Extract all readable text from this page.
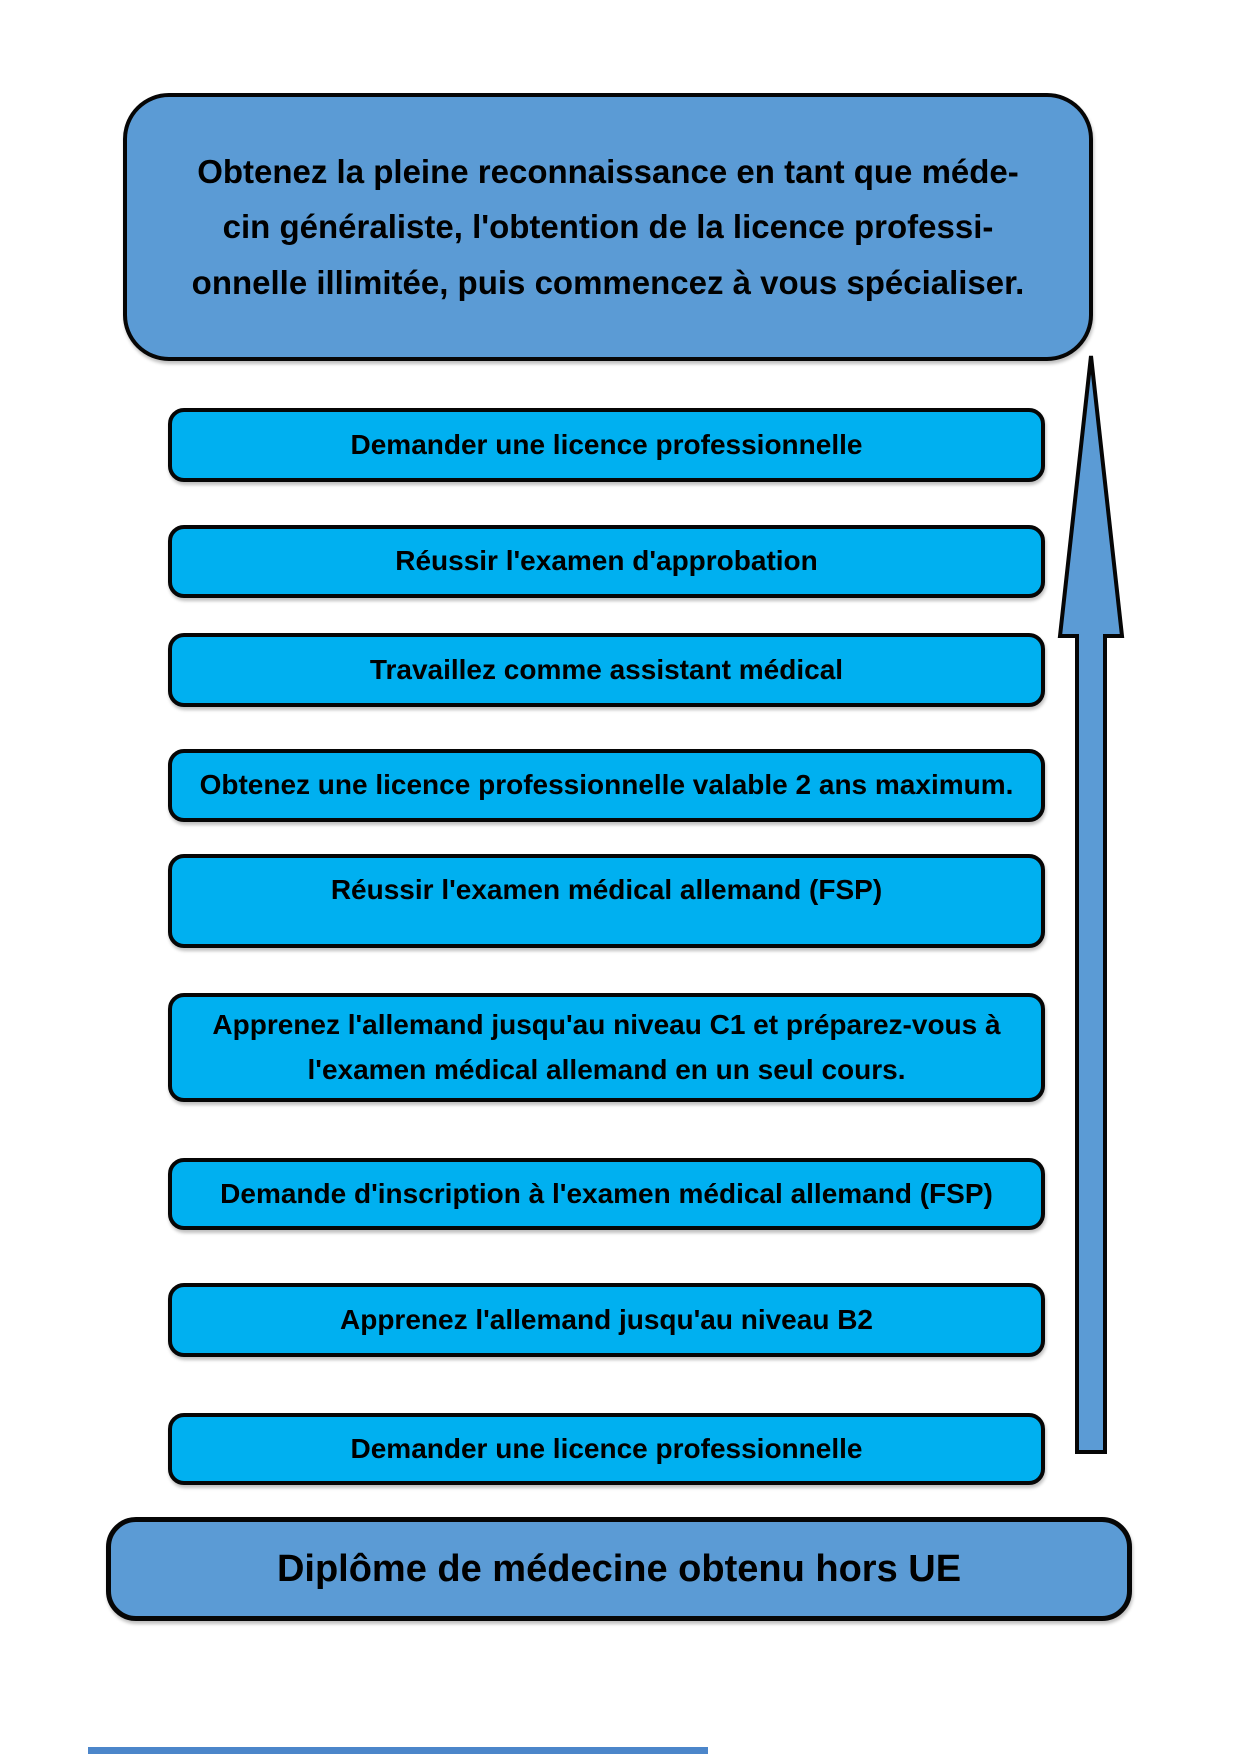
Obtenez la pleine reconnaissance en tant que méde-
cin généraliste, l'obtention de la licence professi-
onnelle illimitée, puis commencez à vous spécialiser.
Demander une licence professionnelle
Réussir l'examen d'approbation
Travaillez comme assistant médical
Obtenez une licence professionnelle valable 2 ans maximum.
Réussir l'examen médical allemand (FSP)
Apprenez l'allemand jusqu'au niveau C1 et préparez-vous à l'examen médical allemand en un seul cours.
Demande d'inscription à l'examen médical allemand (FSP)
Apprenez l'allemand jusqu'au niveau B2
Demander une licence professionnelle
Diplôme de médecine obtenu hors UE
